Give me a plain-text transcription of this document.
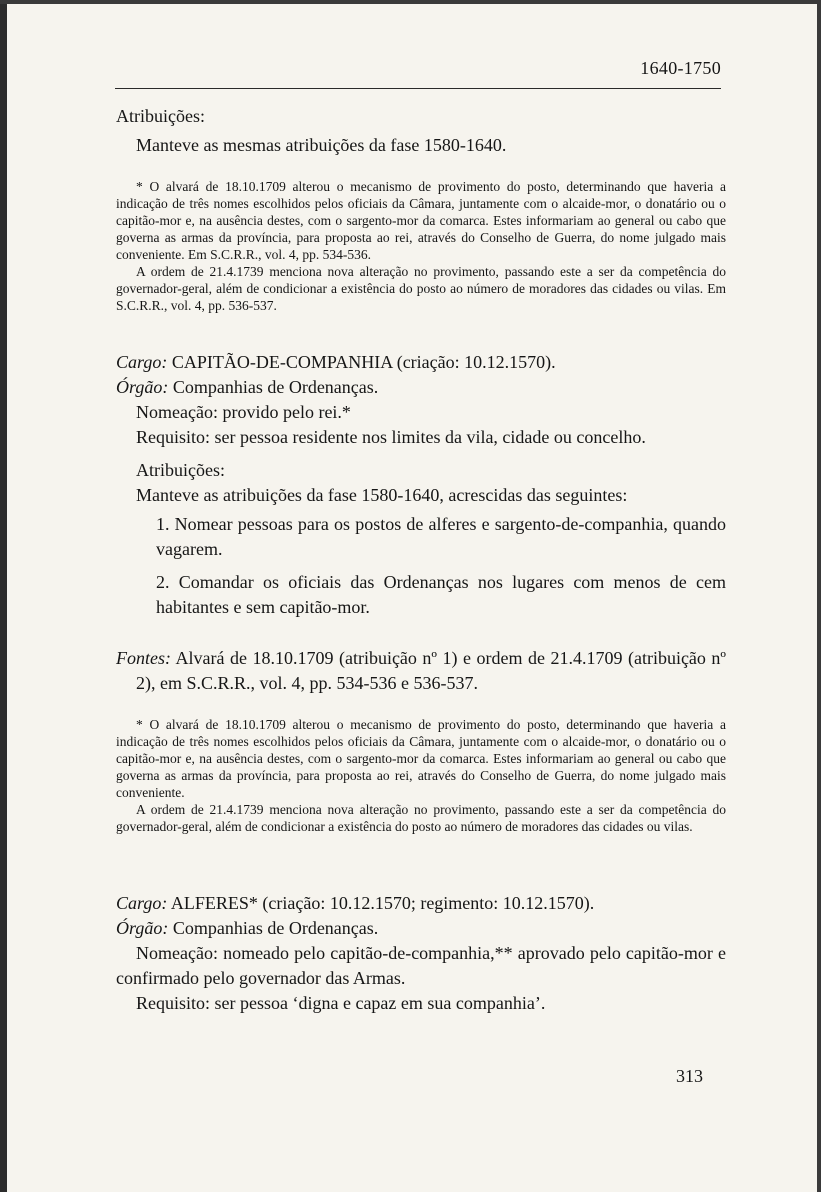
1640-1750

Atribuições:

Manteve as mesmas atribuições da fase 1580-1640.

* O alvará de 18.10.1709 alterou o mecanismo de provimento do posto, determinando que haveria a indicação de três nomes escolhidos pelos oficiais da Câmara, juntamente com o alcaide-mor, o donatário ou o capitão-mor e, na ausência destes, com o sargento-mor da comarca. Estes informariam ao general ou cabo que governa as armas da província, para proposta ao rei, através do Conselho de Guerra, do nome julgado mais conveniente. Em S.C.R.R., vol. 4, pp. 534-536.

A ordem de 21.4.1739 menciona nova alteração no provimento, passando este a ser da competência do governador-geral, além de condicionar a existência do posto ao número de moradores das cidades ou vilas. Em S.C.R.R., vol. 4, pp. 536-537.

Cargo: CAPITÃO-DE-COMPANHIA (criação: 10.12.1570).

Órgão: Companhias de Ordenanças.

Nomeação: provido pelo rei.*

Requisito: ser pessoa residente nos limites da vila, cidade ou concelho.

Atribuições:

Manteve as atribuições da fase 1580-1640, acrescidas das seguintes:

1. Nomear pessoas para os postos de alferes e sargento-de-companhia, quando vagarem.

2. Comandar os oficiais das Ordenanças nos lugares com menos de cem habitantes e sem capitão-mor.

Fontes: Alvará de 18.10.1709 (atribuição nº 1) e ordem de 21.4.1709 (atribuição nº 2), em S.C.R.R., vol. 4, pp. 534-536 e 536-537.

* O alvará de 18.10.1709 alterou o mecanismo de provimento do posto, determinando que haveria a indicação de três nomes escolhidos pelos oficiais da Câmara, juntamente com o alcaide-mor, o donatário ou o capitão-mor e, na ausência destes, com o sargento-mor da comarca. Estes informariam ao general ou cabo que governa as armas da província, para proposta ao rei, através do Conselho de Guerra, do nome julgado mais conveniente.

A ordem de 21.4.1739 menciona nova alteração no provimento, passando este a ser da competência do governador-geral, além de condicionar a existência do posto ao número de moradores das cidades ou vilas.

Cargo: ALFERES* (criação: 10.12.1570; regimento: 10.12.1570).

Órgão: Companhias de Ordenanças.

Nomeação: nomeado pelo capitão-de-companhia,** aprovado pelo capitão-mor e confirmado pelo governador das Armas.

Requisito: ser pessoa ‘digna e capaz em sua companhia’.

313
